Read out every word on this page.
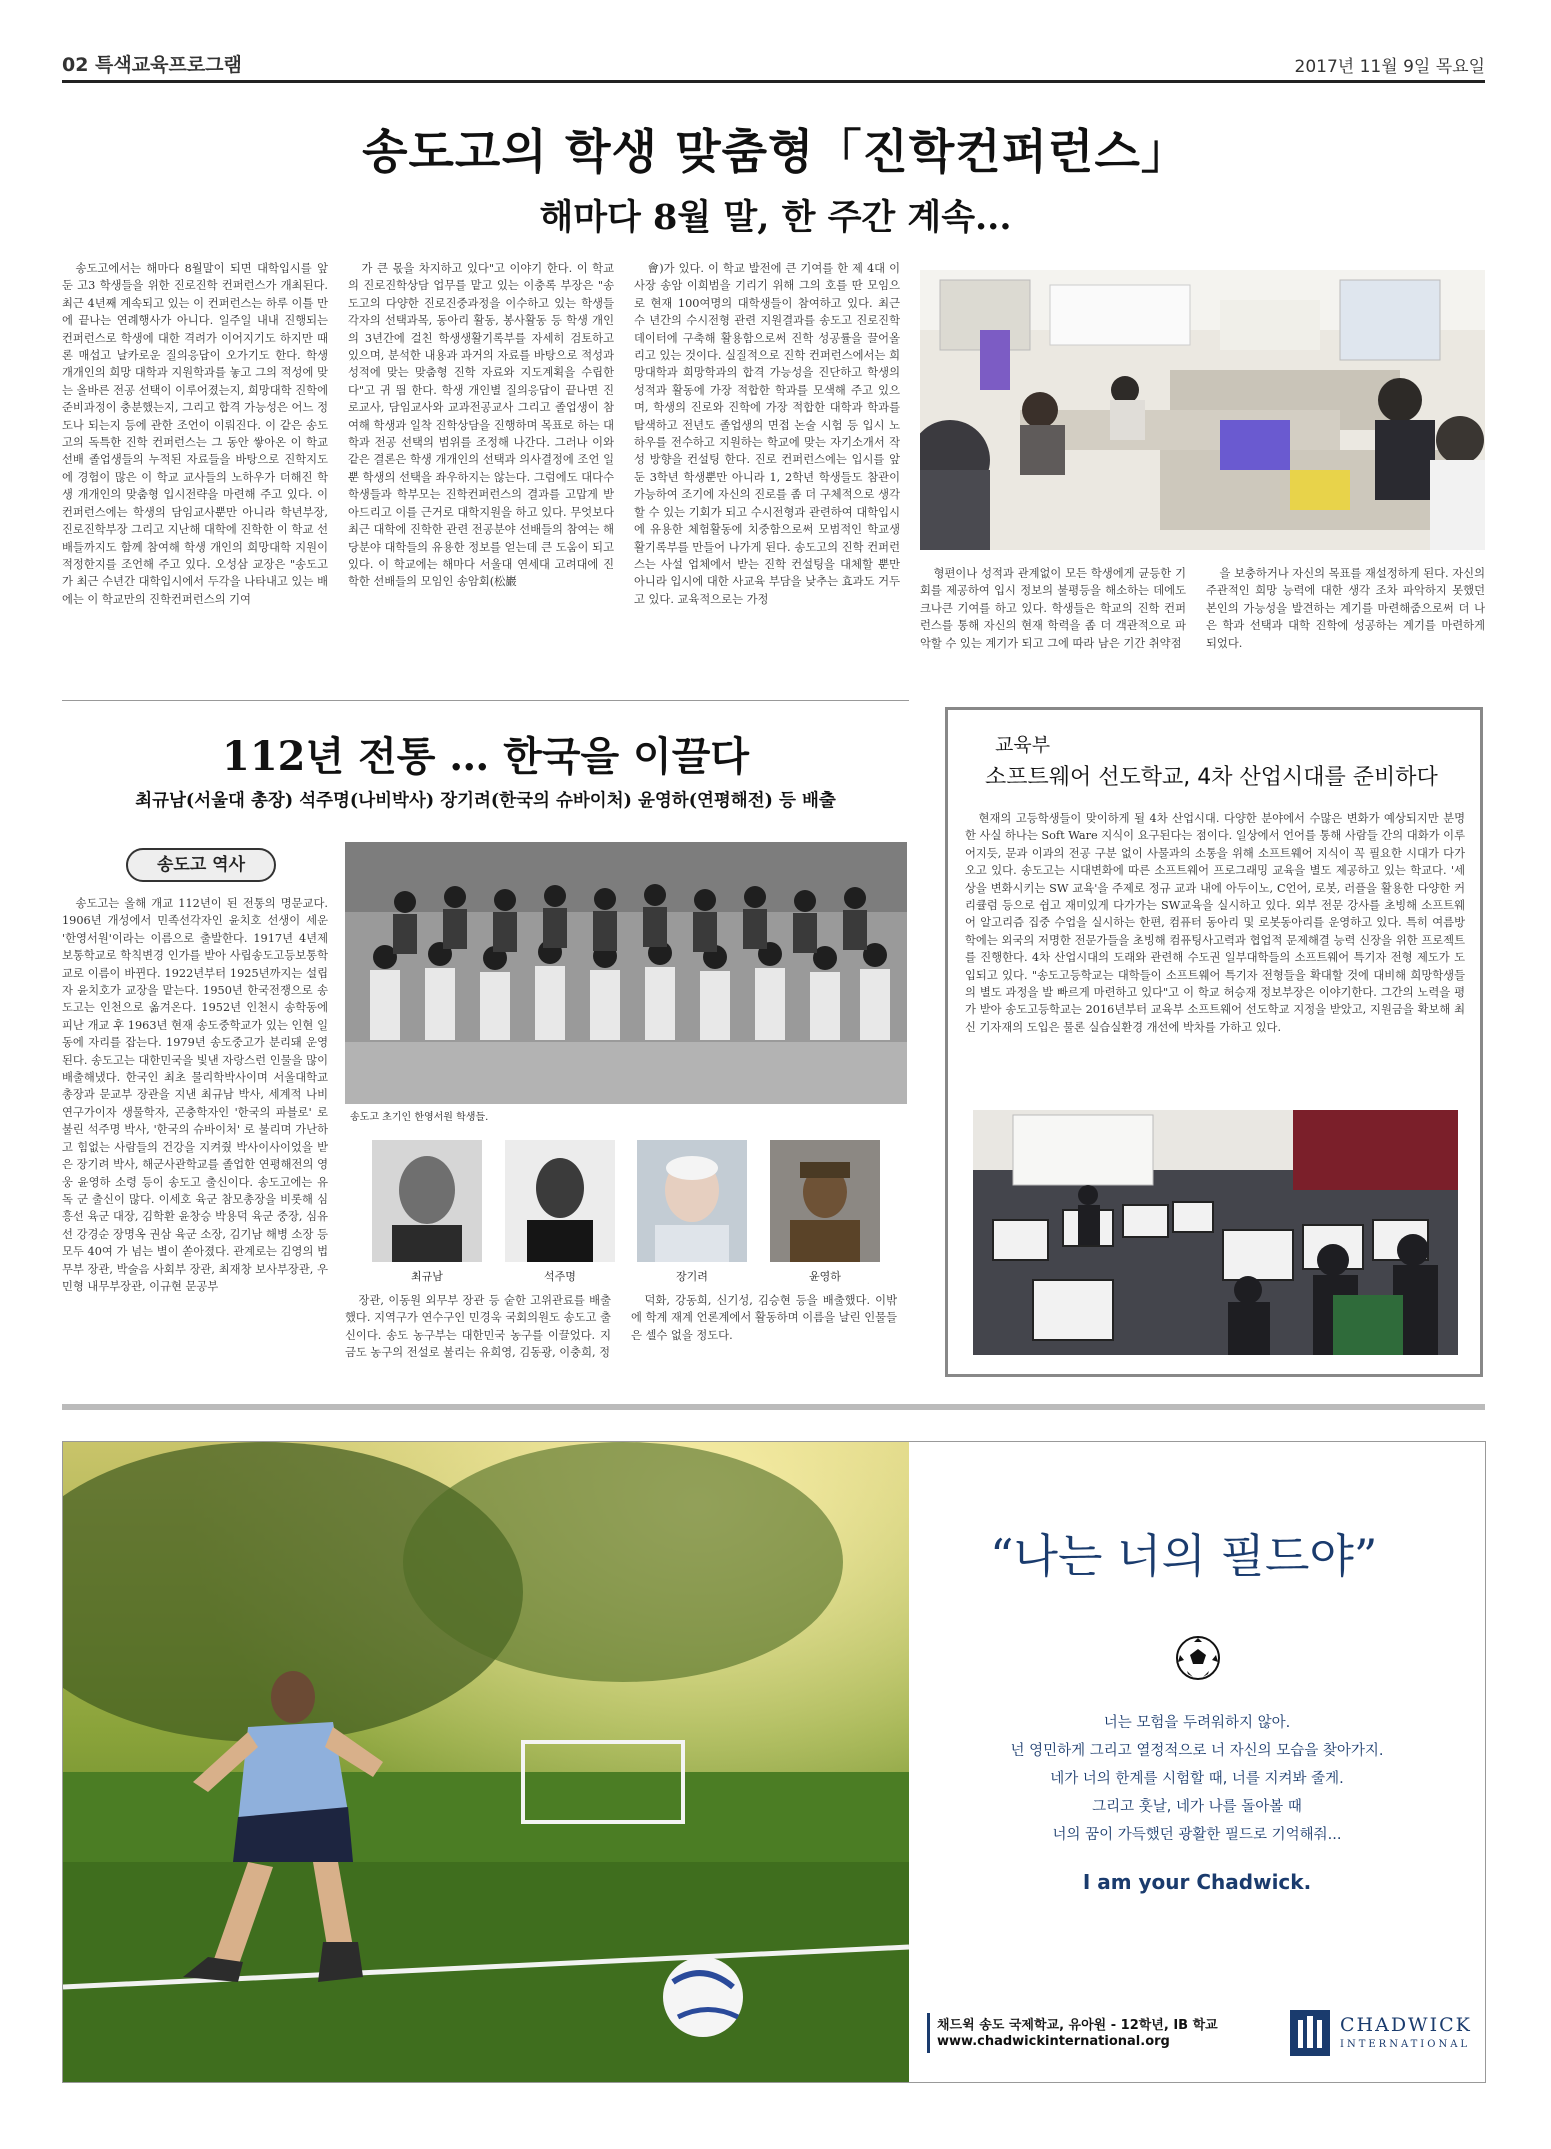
02 특색교육프로그램	2017년 11월 9일 목요일
송도고의 학생 맞춤형「진학컨퍼런스」
해마다 8월 말, 한 주간 계속...

송도고에서는 해마다 8월말이 되면 대학입시를 앞둔 고3 학생들을 위한 진로진학 컨퍼런스가 개최된다. 최근 4년째 계속되고 있는 이 컨퍼런스는 하루 이틀 만에 끝나는 연례행사가 아니다. 일주일 내내 진행되는 컨퍼런스로 학생에 대한 격려가 이어지기도 하지만 때론 매섭고 날카로운 질의응답이 오가기도 한다. 학생 개개인의 희망 대학과 지원학과를 놓고 그의 적성에 맞는 올바른 전공 선택이 이루어졌는지, 희망대학 진학에 준비과정이 충분했는지, 그리고 합격 가능성은 어느 정도나 되는지 등에 관한 조언이 이뤄진다. 이 같은 송도고의 독특한 진학 컨퍼런스는 그 동안 쌓아온 이 학교 선배 졸업생들의 누적된 자료들을 바탕으로 진학지도에 경험이 많은 이 학교 교사들의 노하우가 더해진 학생 개개인의 맞춤형 입시전략을 마련해 주고 있다. 이 컨퍼런스에는 학생의 담임교사뿐만 아니라 학년부장, 진로진학부장 그리고 지난해 대학에 진학한 이 학교 선배들까지도 함께 참여해 학생 개인의 희망대학 지원이 적정한지를 조언해 주고 있다. 오성삼 교장은 "송도고가 최근 수년간 대학입시에서 두각을 나타내고 있는 배에는 이 학교만의 진학컨퍼런스의 기여

가 큰 몫을 차지하고 있다"고 이야기 한다. 이 학교의 진로진학상담 업무를 맡고 있는 이충록 부장은 "송도고의 다양한 진로진중과정을 이수하고 있는 학생들 각자의 선택과목, 동아리 활동, 봉사활동 등 학생 개인의 3년간에 걸친 학생생활기록부를 자세히 검토하고 있으며, 분석한 내용과 과거의 자료를 바탕으로 적성과 성적에 맞는 맞춤형 진학 자료와 지도계획을 수립한다"고 귀 띔 한다. 학생 개인별 질의응답이 끝나면 진로교사, 담임교사와 교과전공교사 그리고 졸업생이 참여해 학생과 일착 진학상담을 진행하며 목표로 하는 대학과 전공 선택의 범위를 조정해 나간다. 그러나 이와 같은 결론은 학생 개개인의 선택과 의사결정에 조언 일뿐 학생의 선택을 좌우하지는 않는다. 그럼에도 대다수 학생들과 학부모는 진학컨퍼런스의 결과를 고맙게 받아드리고 이를 근거로 대학지원을 하고 있다. 무엇보다 최근 대학에 진학한 관련 전공분야 선배들의 참여는 해당분야 대학들의 유용한 정보를 얻는데 큰 도움이 되고 있다. 이 학교에는 해마다 서울대 연세대 고려대에 진학한 선배들의 모임인 송암회(松巖

會)가 있다. 이 학교 발전에 큰 기여를 한 제 4대 이사장 송암 이희범을 기리기 위해 그의 호를 딴 모임으로 현재 100여명의 대학생들이 참여하고 있다. 최근 수 년간의 수시전형 관련 지원결과를 송도고 진로진학 데이터에 구축해 활용함으로써 진학 성공률을 끌어올리고 있는 것이다. 실질적으로 진학 컨퍼런스에서는 희망대학과 희망학과의 합격 가능성을 진단하고 학생의 성적과 활동에 가장 적합한 학과를 모색해 주고 있으며, 학생의 진로와 진학에 가장 적합한 대학과 학과를 탐색하고 전년도 졸업생의 면접 논술 시험 등 입시 노하우를 전수하고 지원하는 학교에 맞는 자기소개서 작성 방향을 컨설팅 한다. 진로 컨퍼런스에는 입시를 앞둔 3학년 학생뿐만 아니라 1, 2학년 학생들도 참관이 가능하여 조기에 자신의 진로를 좀 더 구체적으로 생각할 수 있는 기회가 되고 수시전형과 관련하여 대학입시에 유용한 체험활동에 치중함으로써 모범적인 학교생활기록부를 만들어 나가게 된다. 송도고의 진학 컨퍼런스는 사설 업체에서 받는 진학 컨설팅을 대체할 뿐만 아니라 입시에 대한 사교육 부담을 낮추는 효과도 거두고 있다. 교육적으로는 가정

형편이나 성적과 관계없이 모든 학생에게 균등한 기회를 제공하여 입시 정보의 불평등을 해소하는 데에도 크나큰 기여를 하고 있다. 학생들은 학교의 진학 컨퍼런스를 통해 자신의 현재 학력을 좀 더 객관적으로 파악할 수 있는 계기가 되고 그에 따라 남은 기간 취약점

을 보충하거나 자신의 목표를 재설정하게 된다. 자신의 주관적인 희망 능력에 대한 생각 조차 파악하지 못했던 본인의 가능성을 발견하는 계기를 마련해줌으로써 더 나은 학과 선택과 대학 진학에 성공하는 계기를 마련하게 되었다.

112년 전통 … 한국을 이끌다
최규남(서울대 총장) 석주명(나비박사) 장기려(한국의 슈바이처) 윤영하(연평해전) 등 배출
송도고 역사

송도고는 올해 개교 112년이 된 전통의 명문교다. 1906년 개성에서 민족선각자인 윤치호 선생이 세운 '한영서원'이라는 이름으로 출발한다. 1917년 4년제 보통학교로 학칙변경 인가를 받아 사립송도고등보통학교로 이름이 바뀐다. 1922년부터 1925년까지는 설립자 윤치호가 교장을 맡는다. 1950년 한국전쟁으로 송도고는 인천으로 옮겨온다. 1952년 인천시 송학동에 피난 개교 후 1963년 현재 송도중학교가 있는 인현 일동에 자리를 잡는다. 1979년 송도중고가 분리돼 운영된다. 송도고는 대한민국을 빛낸 자랑스런 인물을 많이 배출해냈다. 한국인 최초 물리학박사이며 서울대학교 총장과 문교부 장관을 지낸 최규남 박사, 세계적 나비연구가이자 생물학자, 곤충학자인 '한국의 파블로' 로 불린 석주명 박사, '한국의 슈바이처' 로 불리며 가난하고 힘없는 사람들의 건강을 지켜줬 박사이사이었을 받은 장기려 박사, 해군사관학교를 졸업한 연평해전의 영웅 윤영하 소령 등이 송도고 출신이다. 송도고에는 유독 군 출신이 많다. 이세호 육군 참모총장을 비롯해 심흥선 육군 대장, 김학환 윤창승 박용덕 육군 중장, 심유선 강경순 장명옥 권삼 육군 소장, 김기남 해병 소장 등 모두 40여 가 넘는 별이 쏟아졌다. 관계로는 김영의 법무부 장관, 박술음 사회부 장관, 최재창 보사부장관, 우민형 내무부장관, 이규현 문공부

송도고 초기인 한영서원 학생들.
최규남	석주명	장기려	윤영하

장관, 이동원 외무부 장관 등 숱한 고위관료를 배출했다. 지역구가 연수구인 민경욱 국회의원도 송도고 출신이다. 송도 농구부는 대한민국 농구를 이끌었다. 지금도 농구의 전설로 불리는 유희영, 김동광, 이충희, 정

덕화, 강동희, 신기성, 김승현 등을 배출했다. 이밖에 학계 재계 언론계에서 활동하며 이름을 날린 인물들은 셀수 없을 정도다.

교육부
소프트웨어 선도학교, 4차 산업시대를 준비하다

현재의 고등학생들이 맞이하게 될 4차 산업시대. 다양한 분야에서 수많은 변화가 예상되지만 분명한 사실 하나는 Soft Ware 지식이 요구된다는 점이다. 일상에서 언어를 통해 사람들 간의 대화가 이루어지듯, 문과 이과의 전공 구분 없이 사물과의 소통을 위해 소프트웨어 지식이 꼭 필요한 시대가 다가오고 있다. 송도고는 시대변화에 따른 소프트웨어 프로그래밍 교육을 별도 제공하고 있는 학교다. '세상을 변화시키는 SW 교육'을 주제로 정규 교과 내에 아두이노, C언어, 로봇, 러플을 활용한 다양한 커리큘럼 등으로 쉽고 재미있게 다가가는 SW교육을 실시하고 있다. 외부 전문 강사를 초빙해 소프트웨어 알고리즘 집중 수업을 실시하는 한편, 컴퓨터 동아리 및 로봇동아리를 운영하고 있다. 특히 여름방학에는 외국의 저명한 전문가들을 초빙해 컴퓨팅사고력과 협업적 문제해결 능력 신장을 위한 프로젝트를 진행한다. 4차 산업시대의 도래와 관련해 수도권 일부대학들의 소프트웨어 특기자 전형 제도가 도입되고 있다. "송도고등학교는 대학들이 소프트웨어 특기자 전형들을 확대할 것에 대비해 희망학생들의 별도 과정을 발 빠르게 마련하고 있다"고 이 학교 허승재 정보부장은 이야기한다. 그간의 노력을 평가 받아 송도고등학교는 2016년부터 교육부 소프트웨어 선도학교 지정을 받았고, 지원금을 확보해 최신 기자재의 도입은 물론 실습실환경 개선에 박차를 가하고 있다.

“나는 너의 필드야”
너는 모험을 두려워하지 않아.
넌 영민하게 그리고 열정적으로 너 자신의 모습을 찾아가지.
네가 너의 한계를 시험할 때, 너를 지켜봐 줄게.
그리고 훗날, 네가 나를 돌아볼 때
너의 꿈이 가득했던 광활한 필드로 기억해줘...
I am your Chadwick.
채드윅 송도 국제학교, 유아원 - 12학년, IB 학교
www.chadwickinternational.org
CHADWICK
INTERNATIONAL
